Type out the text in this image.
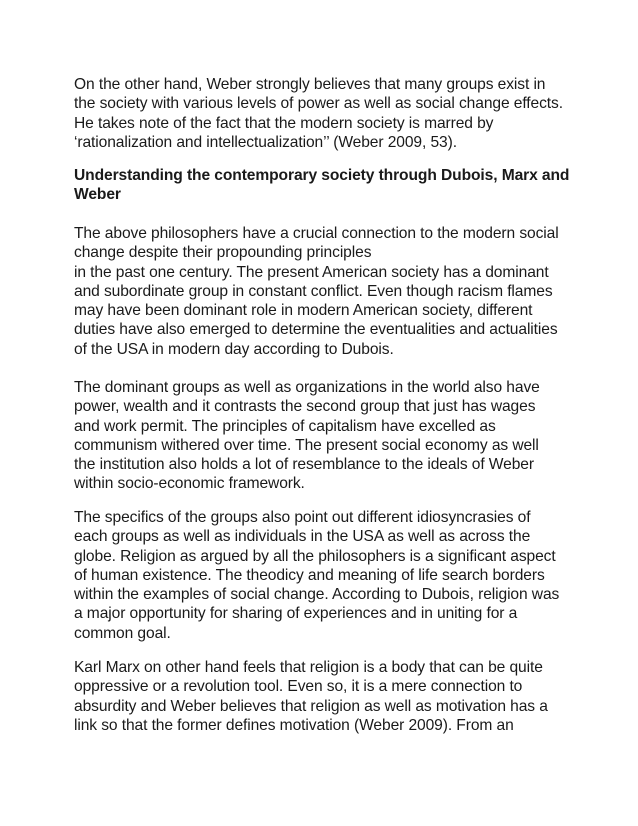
On the other hand, Weber strongly believes that many groups exist in
the society with various levels of power as well as social change effects.
He takes note of the fact that the modern society is marred by
‘rationalization and intellectualization’’ (Weber 2009, 53).
Understanding the contemporary society through Dubois, Marx and
Weber
The above philosophers have a crucial connection to the modern social
change despite their propounding principles
in the past one century. The present American society has a dominant
and subordinate group in constant conflict. Even though racism flames
may have been dominant role in modern American society, different
duties have also emerged to determine the eventualities and actualities
of the USA in modern day according to Dubois.
The dominant groups as well as organizations in the world also have
power, wealth and it contrasts the second group that just has wages
and work permit. The principles of capitalism have excelled as
communism withered over time. The present social economy as well
the institution also holds a lot of resemblance to the ideals of Weber
within socio-economic framework.
The specifics of the groups also point out different idiosyncrasies of
each groups as well as individuals in the USA as well as across the
globe. Religion as argued by all the philosophers is a significant aspect
of human existence. The theodicy and meaning of life search borders
within the examples of social change. According to Dubois, religion was
a major opportunity for sharing of experiences and in uniting for a
common goal.
Karl Marx on other hand feels that religion is a body that can be quite
oppressive or a revolution tool. Even so, it is a mere connection to
absurdity and Weber believes that religion as well as motivation has a
link so that the former defines motivation (Weber 2009). From an
